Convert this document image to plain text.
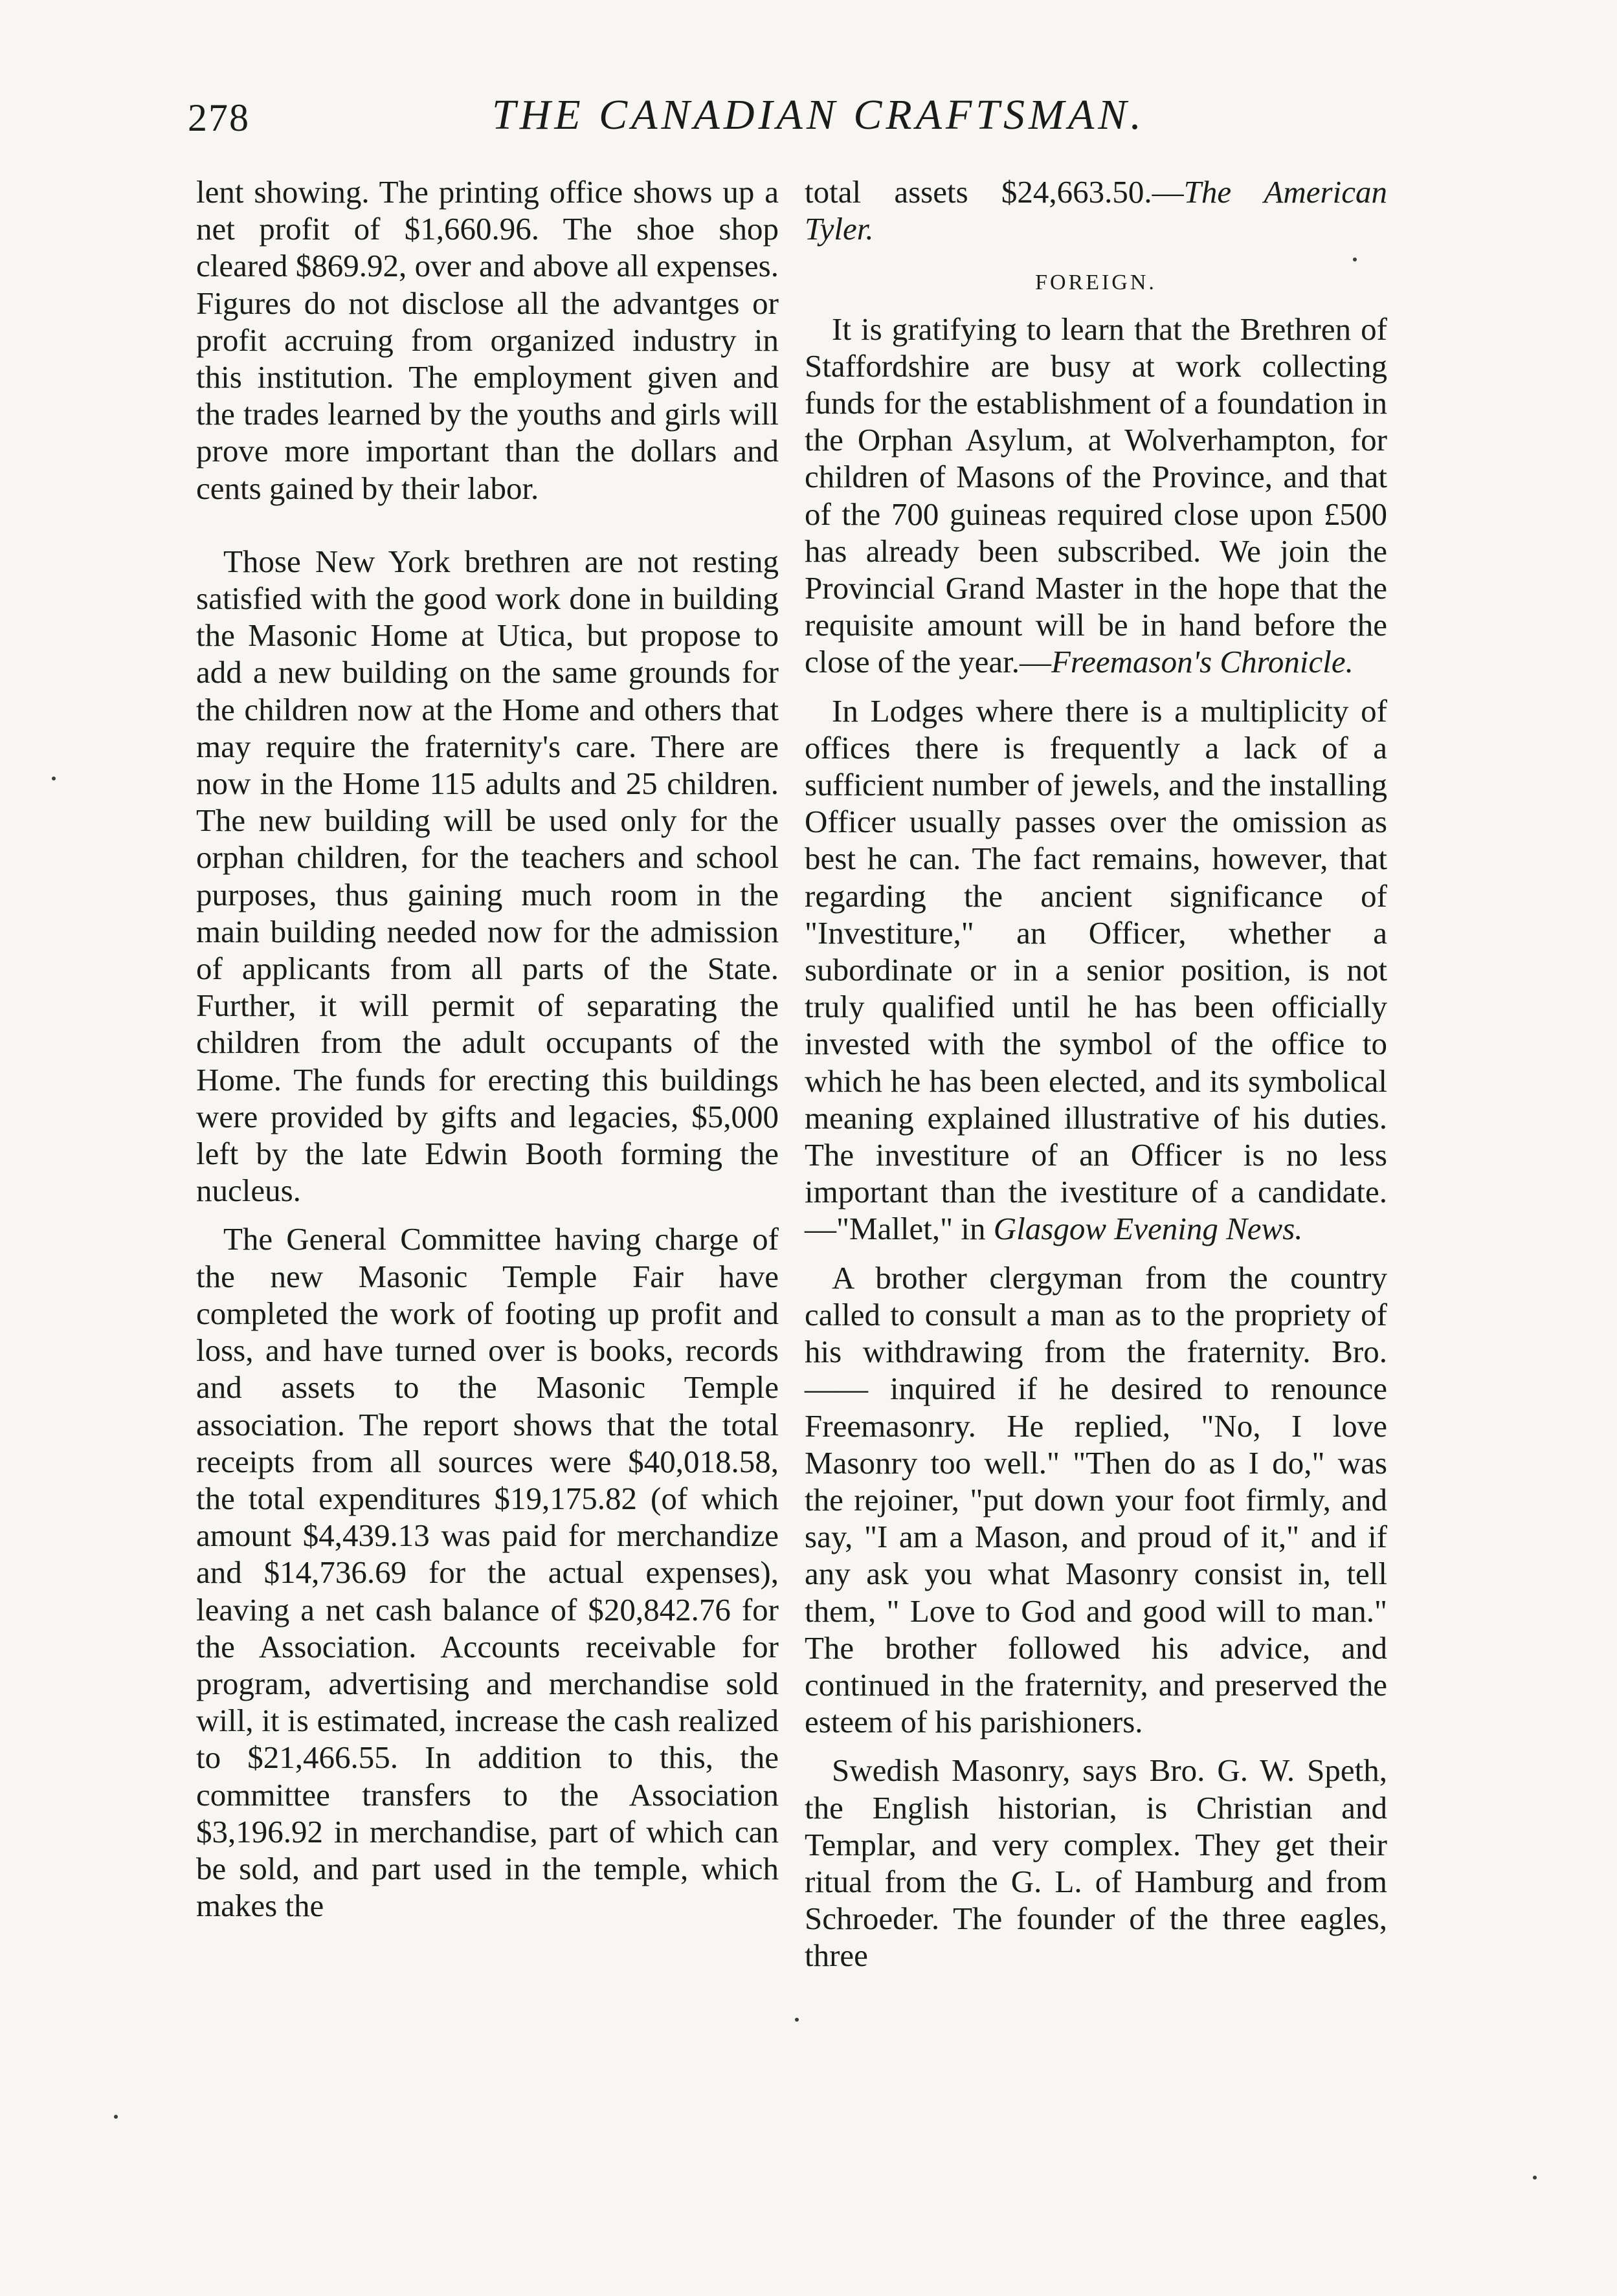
278	THE CANADIAN CRAFTSMAN.

lent showing. The printing office shows up a net profit of $1,660.96. The shoe shop cleared $869.92, over and above all expenses. Figures do not disclose all the advantges or profit accruing from organized industry in this institution. The employment given and the trades learned by the youths and girls will prove more important than the dollars and cents gained by their labor.

Those New York brethren are not resting satisfied with the good work done in building the Masonic Home at Utica, but propose to add a new building on the same grounds for the children now at the Home and others that may require the fraternity's care. There are now in the Home 115 adults and 25 children. The new building will be used only for the orphan children, for the teachers and school purposes, thus gaining much room in the main building needed now for the admission of applicants from all parts of the State. Further, it will permit of separating the children from the adult occupants of the Home. The funds for erecting this buildings were provided by gifts and legacies, $5,000 left by the late Edwin Booth forming the nucleus.

The General Committee having charge of the new Masonic Temple Fair have completed the work of footing up profit and loss, and have turned over is books, records and assets to the Masonic Temple association. The report shows that the total receipts from all sources were $40,018.58, the total expenditures $19,175.82 (of which amount $4,439.13 was paid for merchandize and $14,736.69 for the actual expenses), leaving a net cash balance of $20,842.76 for the Association. Accounts receivable for program, advertising and merchandise sold will, it is estimated, increase the cash realized to $21,466.55. In addition to this, the committee transfers to the Association $3,196.92 in merchandise, part of which can be sold, and part used in the temple, which makes the

total assets $24,663.50.—The American Tyler.

FOREIGN.

It is gratifying to learn that the Brethren of Staffordshire are busy at work collecting funds for the establishment of a foundation in the Orphan Asylum, at Wolverhampton, for children of Masons of the Province, and that of the 700 guineas required close upon £500 has already been subscribed. We join the Provincial Grand Master in the hope that the requisite amount will be in hand before the close of the year.—Freemason's Chronicle.

In Lodges where there is a multiplicity of offices there is frequently a lack of a sufficient number of jewels, and the installing Officer usually passes over the omission as best he can. The fact remains, however, that regarding the ancient significance of "Investiture," an Officer, whether a subordinate or in a senior position, is not truly qualified until he has been officially invested with the symbol of the office to which he has been elected, and its symbolical meaning explained illustrative of his duties. The investiture of an Officer is no less important than the ivestiture of a candidate.—"Mallet," in Glasgow Evening News.

A brother clergyman from the country called to consult a man as to the propriety of his withdrawing from the fraternity. Bro. —— inquired if he desired to renounce Freemasonry. He replied, "No, I love Masonry too well." "Then do as I do," was the rejoiner, "put down your foot firmly, and say, "I am a Mason, and proud of it," and if any ask you what Masonry consist in, tell them, " Love to God and good will to man." The brother followed his advice, and continued in the fraternity, and preserved the esteem of his parishioners.

Swedish Masonry, says Bro. G. W. Speth, the English historian, is Christian and Templar, and very complex. They get their ritual from the G. L. of Hamburg and from Schroeder. The founder of the three eagles, three
